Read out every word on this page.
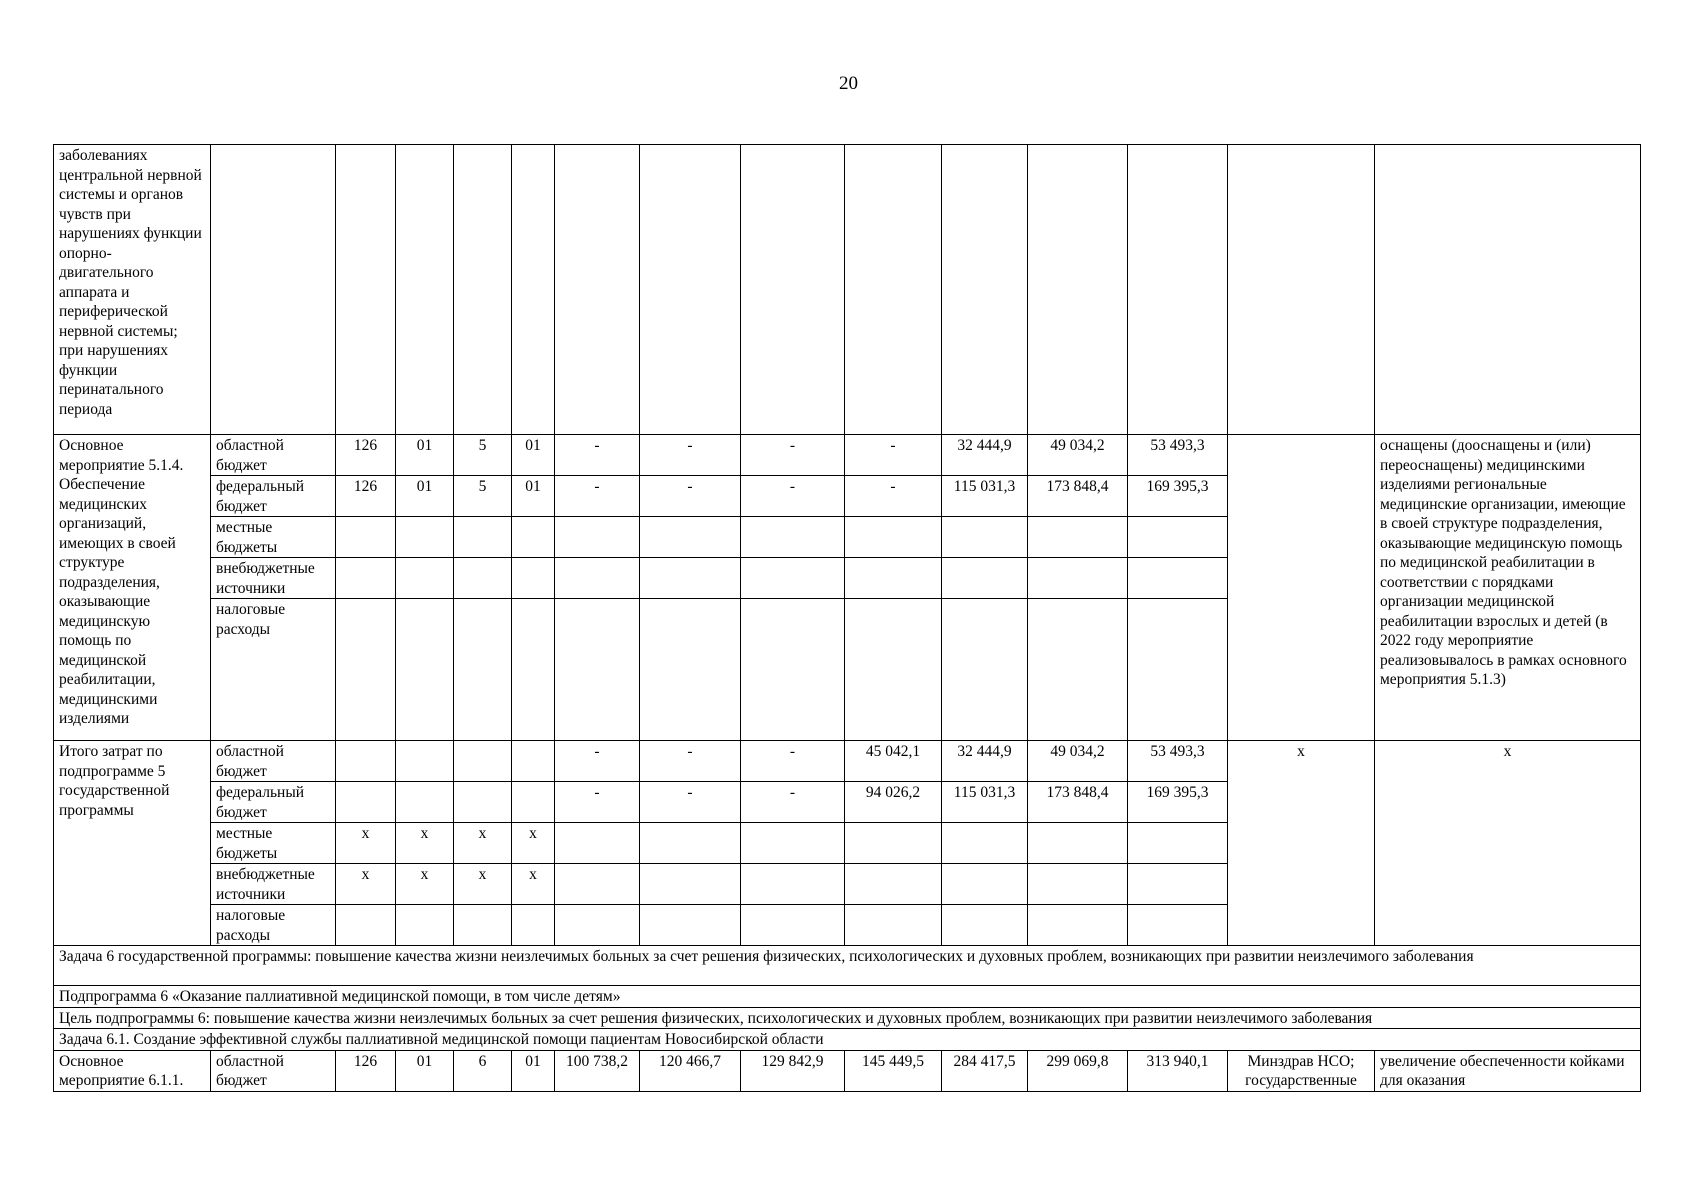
20
заболеваниях центральной нервной системы и органов чувств при нарушениях функции опорно-двигательного аппарата и периферической нервной системы; при нарушениях функции перинатального периода														
Основное мероприятие 5.1.4. Обеспечение медицинских организаций, имеющих в своей структуре подразделения, оказывающие медицинскую помощь по медицинской реабилитации, медицинскими изделиями	областной бюджет	126	01	5	01	-	-	-	-	32 444,9	49 034,2	53 493,3		оснащены (дооснащены и (или) переоснащены) медицинскими изделиями региональные медицинские организации, имеющие в своей структуре подразделения, оказывающие медицинскую помощь по медицинской реабилитации в соответствии с порядками организации медицинской реабилитации взрослых и детей (в 2022 году мероприятие реализовывалось в рамках основного мероприятия 5.1.3)
	федеральный бюджет	126	01	5	01	-	-	-	-	115 031,3	173 848,4	169 395,3		
	местные бюджеты													
	внебюджетные источники													
	налоговые расходы													
Итого затрат по подпрограмме 5 государственной программы	областной бюджет					-	-	-	45 042,1	32 444,9	49 034,2	53 493,3	х	х
	федеральный бюджет					-	-	-	94 026,2	115 031,3	173 848,4	169 395,3		
	местные бюджеты	х	х	х	х									
	внебюджетные источники	х	х	х	х									
	налоговые расходы													
Задача 6 государственной программы: повышение качества жизни неизлечимых больных за счет решения физических, психологических и духовных проблем, возникающих при развитии неизлечимого заболевания														
Подпрограмма 6 «Оказание паллиативной медицинской помощи, в том числе детям»														
Цель подпрограммы 6: повышение качества жизни неизлечимых больных за счет решения физических, психологических и духовных проблем, возникающих при развитии неизлечимого заболевания														
Задача 6.1. Создание эффективной службы паллиативной медицинской помощи пациентам Новосибирской области														
Основное мероприятие 6.1.1.	областной бюджет	126	01	6	01	100 738,2	120 466,7	129 842,9	145 449,5	284 417,5	299 069,8	313 940,1	Минздрав НСО; государственные	увеличение обеспеченности койками для оказания
